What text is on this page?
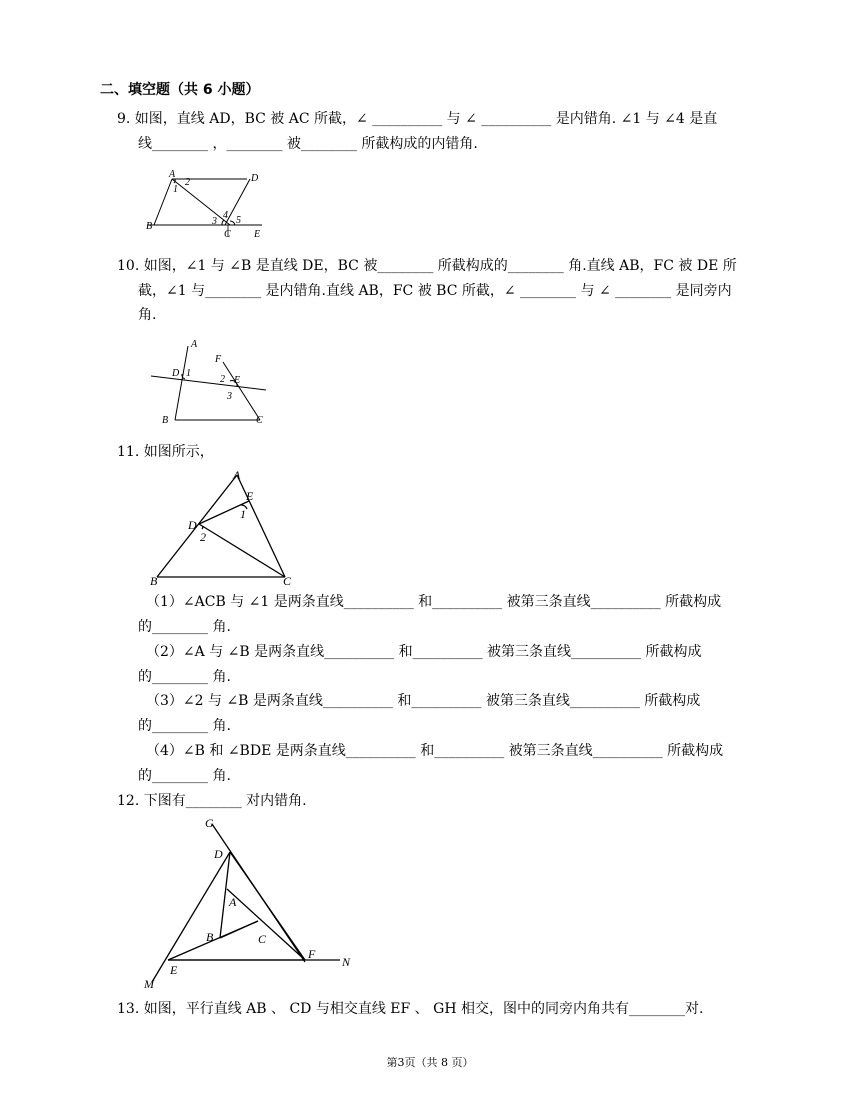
二、填空题（共 6 小题）
9. 如图，直线 AD，BC 被 AC 所截，∠ __________ 与 ∠ __________ 是内错角. ∠1 与 ∠4 是直
线________ ，________ 被________ 所截构成的内错角.
A	D
1
2
3
4 5
B
C E
10. 如图，∠1 与 ∠B 是直线 DE，BC 被________ 所截构成的________ 角.直线 AB，FC 被 DE 所
截，∠1 与________ 是内错角.直线 AB，FC 被 BC 所截，∠ ________ 与 ∠ ________ 是同旁内
角.
A
F
D 1
2 E
3
B	C
11. 如图所示，
A
E
1
D
2
B	C
（1）∠ACB 与 ∠1 是两条直线__________ 和__________ 被第三条直线__________ 所截构成
的________ 角.
（2）∠A 与 ∠B 是两条直线__________ 和__________ 被第三条直线__________ 所截构成
的________ 角.
（3）∠2 与 ∠B 是两条直线__________ 和__________ 被第三条直线__________ 所截构成
的________ 角.
（4）∠B 和 ∠BDE 是两条直线__________ 和__________ 被第三条直线__________ 所截构成
的________ 角.
12. 下图有________ 对内错角.
G
D
A
B	C
F
N
M
E
13. 如图，平行直线 AB 、 CD 与相交直线 EF 、 GH 相交，图中的同旁内角共有________对.
第3页（共 8 页）
